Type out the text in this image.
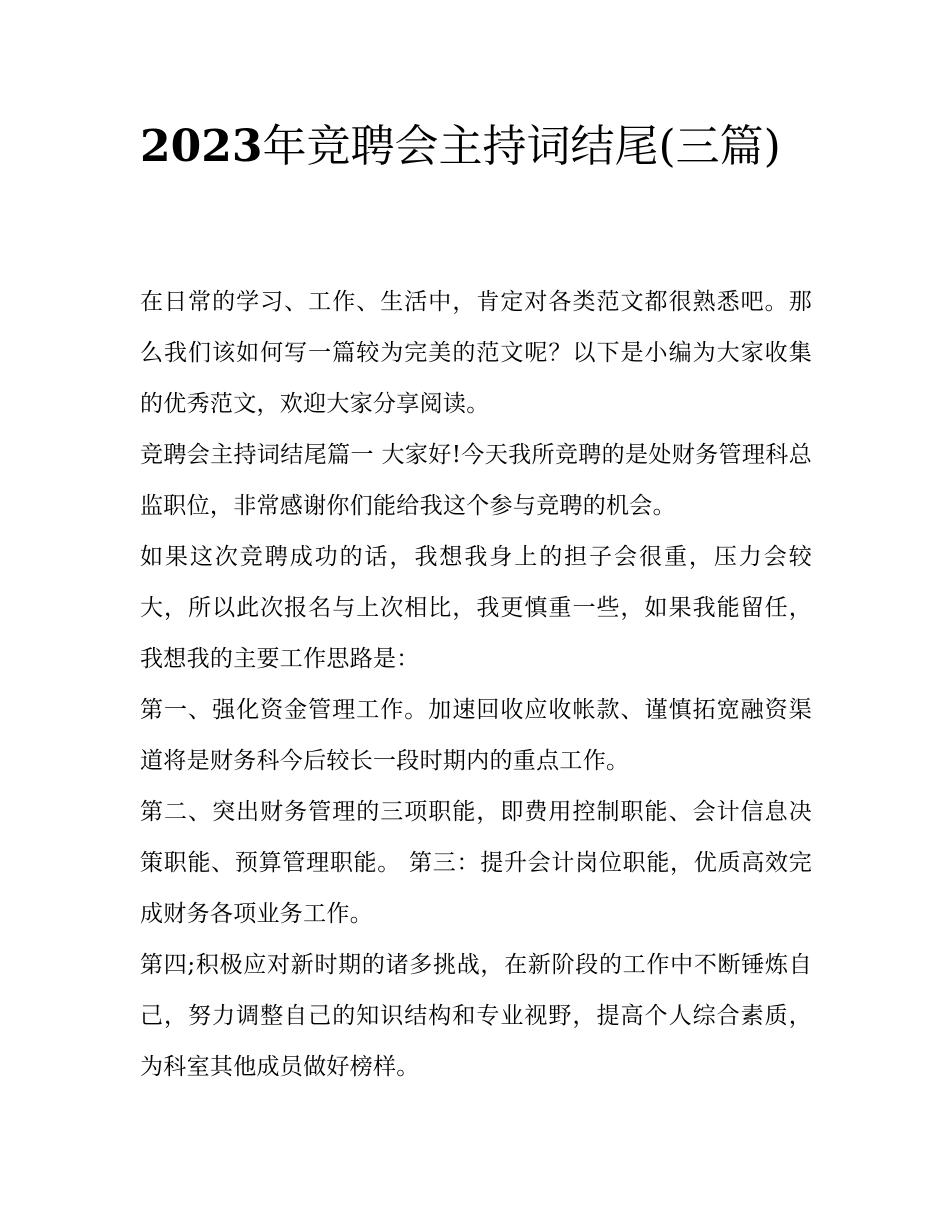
2023年竞聘会主持词结尾(三篇)

在日常的学习、工作、生活中，肯定对各类范文都很熟悉吧。那么我们该如何写一篇较为完美的范文呢？以下是小编为大家收集的优秀范文，欢迎大家分享阅读。

竞聘会主持词结尾篇一 大家好!今天我所竞聘的是处财务管理科总监职位，非常感谢你们能给我这个参与竞聘的机会。

如果这次竞聘成功的话，我想我身上的担子会很重，压力会较大，所以此次报名与上次相比，我更慎重一些，如果我能留任，我想我的主要工作思路是：

第一、强化资金管理工作。加速回收应收帐款、谨慎拓宽融资渠道将是财务科今后较长一段时期内的重点工作。

第二、突出财务管理的三项职能，即费用控制职能、会计信息决策职能、预算管理职能。 第三：提升会计岗位职能，优质高效完成财务各项业务工作。

第四;积极应对新时期的诸多挑战，在新阶段的工作中不断锤炼自己，努力调整自己的知识结构和专业视野，提高个人综合素质，为科室其他成员做好榜样。
